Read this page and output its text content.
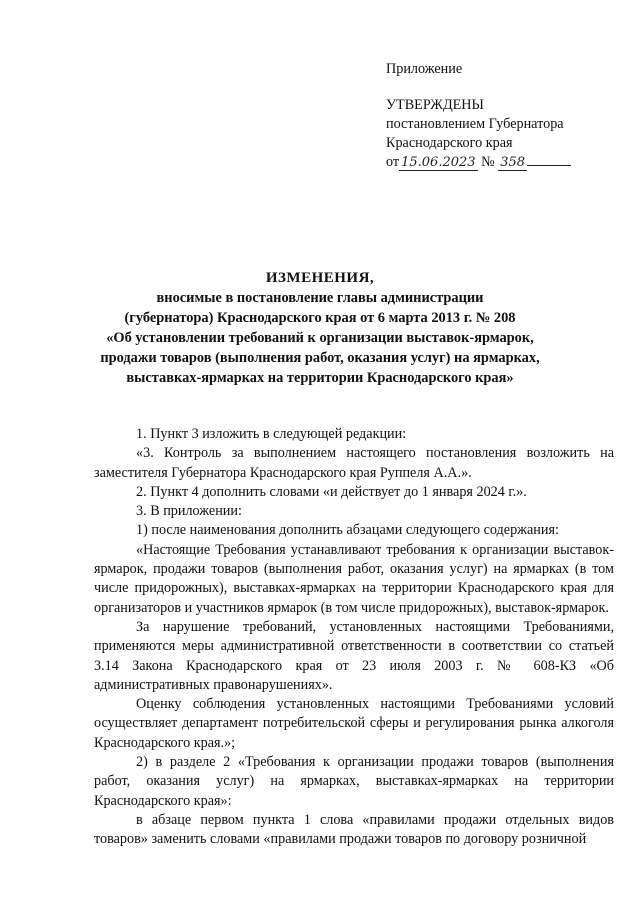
Приложение
УТВЕРЖДЕНЫ
постановлением Губернатора
Краснодарского края
от 15.06.2023 № 358
ИЗМЕНЕНИЯ,
вносимые в постановление главы администрации
(губернатора) Краснодарского края от 6 марта 2013 г. № 208
«Об установлении требований к организации выставок-ярмарок,
продажи товаров (выполнения работ, оказания услуг) на ярмарках,
выставках-ярмарках на территории Краснодарского края»

1. Пункт 3 изложить в следующей редакции:

«3. Контроль за выполнением настоящего постановления возложить на заместителя Губернатора Краснодарского края Руппеля А.А.».

2. Пункт 4 дополнить словами «и действует до 1 января 2024 г.».

3. В приложении:

1) после наименования дополнить абзацами следующего содержания:

«Настоящие Требования устанавливают требования к организации выставок-ярмарок, продажи товаров (выполнения работ, оказания услуг) на ярмарках (в том числе придорожных), выставках-ярмарках на территории Краснодарского края для организаторов и участников ярмарок (в том числе придорожных), выставок-ярмарок.

За нарушение требований, установленных настоящими Требованиями, применяются меры административной ответственности в соответствии со статьей 3.14 Закона Краснодарского края от 23 июля 2003 г. № 608-КЗ «Об административных правонарушениях».

Оценку соблюдения установленных настоящими Требованиями условий осуществляет департамент потребительской сферы и регулирования рынка алкоголя Краснодарского края.»;

2) в разделе 2 «Требования к организации продажи товаров (выполнения работ, оказания услуг) на ярмарках, выставках-ярмарках на территории Краснодарского края»:

в абзаце первом пункта 1 слова «правилами продажи отдельных видов товаров» заменить словами «правилами продажи товаров по договору розничной
